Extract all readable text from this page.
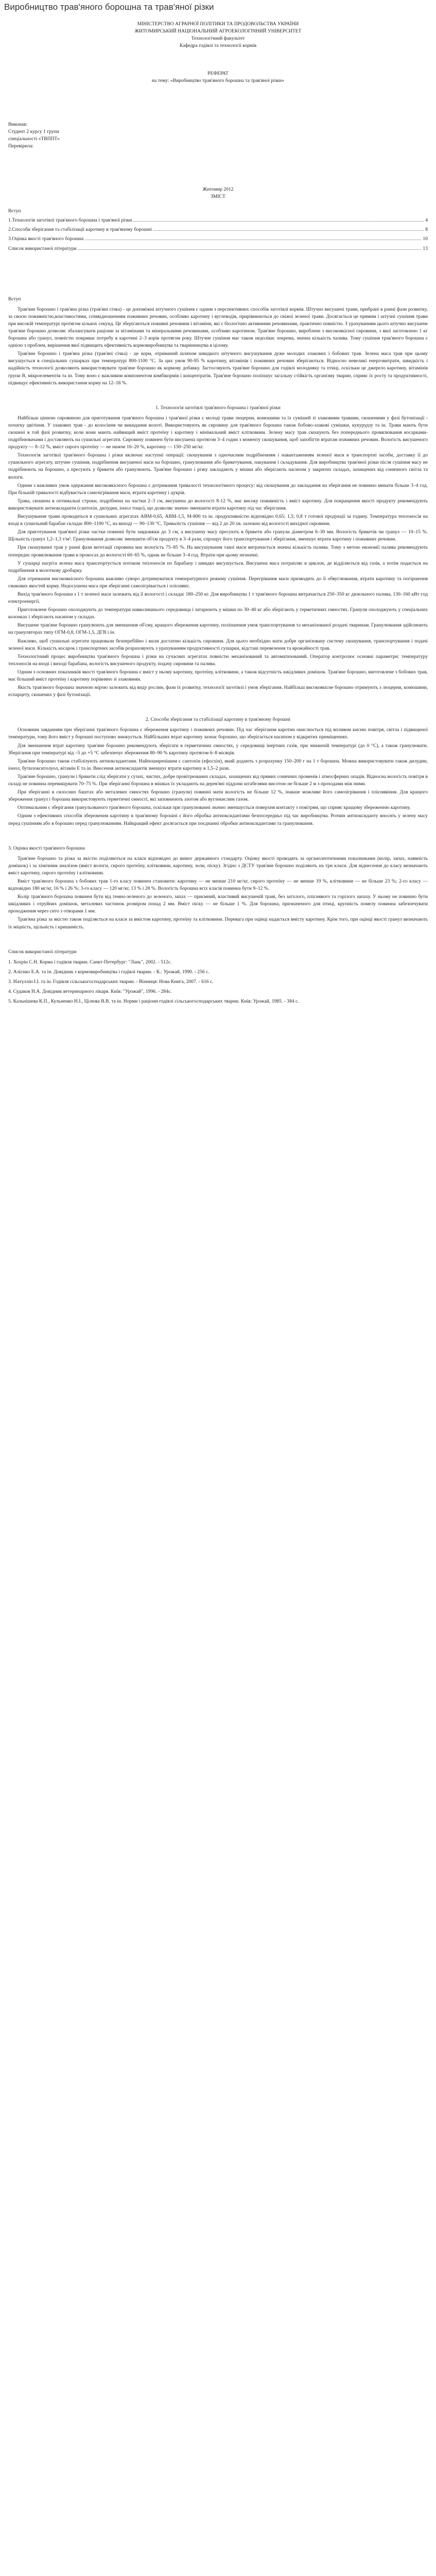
Виробництво трав'яного борошна та трав'яної різки

МІНІСТЕРСТВО АГРАРНОЇ ПОЛІТИКИ ТА ПРОДОВОЛЬСТВА УКРАЇНИ

ЖИТОМИРСЬКИЙ НАЦІОНАЛЬНИЙ АГРОЕКОЛОГІЧНИЙ УНІВЕРСИТЕТ

Технологічний факультет

Кафедра годівлі та технології кормів

РЕФЕРАТ

на тему: «Виробництво трав'яного борошна та трав'яної різки»

Виконав:

Студент 2 курсу 1 групи

спеціальності «ТВППТ»

Перевірила:

Житомир 2012

ЗМІСТ

Вступ
1.Технологія заготівлі трав'яного борошна і трав'яної різки	4
2.Способи зберігання та стабілізації каротину в трав'яному борошні	8
3.Оцінка якості трав'яного борошна	10
Список використаної літератури	13

Вступ

Трав'яне борошно і трав'яна різка (трав'яні січка) - це допоміжні штучного сушіння є одним з перспективних способів заготівлі кормів. Штучно висушені трави, прибрані в ранні фази розвитку, за своєю поживністю,властивостями, співвідношенням поживних речовин, особливо каротину і вуглеводів, прирівнюються до свіжої зеленої трави. Досягається це прямим і штучні сушіння трави при високій температурі протягом кількох секунд. Це зберігаються поживні речовини і вітаміни, які є біологічно активними речовинами, практично повністю. З урахуванням цього штучно висушене трав'яне борошно дозволяє збалансувати раціони за вітамінами та мінеральними речовинами, особливо каротином. Трав'яне борошно, вироблене з високоякісної сировини, з якої заготовлено 1 кг борошна або гранул, повністю покриває потребу в каротині 2–3 корів протягом року. Штучне сушіння має також недоліки: зокрема, значна кількість палива. Тому сушіння трав'яного борошна є однією з проблем, вирішення якої підвищить ефективність кормовиробництва та тваринництва в цілому.

Трав'яне борошно і трав'яна різка (трав'яні січка) - це корм, отриманий шляхом швидкого штучного висушування дуже молодих злакових і бобових трав. Зелена маса трав при цьому висушується в спеціальних сушарках при температурі 800-1100 °С. За цих умов 90-95 % каротину, вітамінів і поживних речовин зберігаються. Відносно невеликі енерговитрати, швидкість і надійність технології дозволяють використовувати трав'яне борошно як кормову добавку. Застосовують трав'яне борошно для годівлі молодняку та птиці, оскільки це джерело каротину, вітамінів групи В, мікроелементів та ін. Тому воно є важливим компонентом комбікормів і концентратів. Трав'яне борошно поліпшує загальну стійкість організму тварин, сприяє їх росту та продуктивності, підвищує ефективність використання корму на 12–18 %.

1. Технологія заготівлі трав'яного борошна і трав'яної різки

Найбільш цінною сировиною для приготування трав'яного борошна і трав'яної різки є молоді трави люцерни, конюшини та їх сумішей зі злаковими травами, скошеними у фазі бутонізації - початку цвітіння. У злакових трав - до колосіння чи викидання волоті. Використовують як сировину для трав'яного борошна також бобово-злакові сумішки, кукурудзу та ін. Трави мають бути скошені в той фазі розвитку, коли вони мають найвищий вміст протеїну і каротину і мінімальний вміст клітковини. Зелену масу трав скошують без попереднього провялювання косарками-подрібнювачами і доставляють на сушильні агрегати. Сировину повинен бути висушена протягом 3–4 годин з моменту скошування, щоб запобігти втратам поживних речовин. Вологість висушеного продукту — 8–12 %, вміст сирого протеїну — не нижче 16–20 %, каротину — 150–250 мг/кг.

Технологія заготівлі трав'яного борошна і різки включає наступні операції: скошування з одночасним подрібненням і навантаженням зеленої маси в транспортні засоби, доставку її до сушильного агрегату, штучне сушіння, подрібнення висушеної маси на борошно, гранулювання або брикетування, пакування і складування. Для виробництва трав'яної різки після сушіння масу не подрібнюють на борошно, а пресують у брикети або гранулюють. Трав'яне борошно і різку закладають у мішки або зберігають насипом у закритих складах, захищених від сонячного світла та вологи.

Одним з важливих умов одержання високоякісного борошна є дотримання тривалості технологічного процесу: від скошування до закладання на зберігання не повинно минати більше 3–4 год. При більшій тривалості відбувається самозігрівання маси, втрати каротину і цукрів.

Трава, скошена в оптимальні строки, подрібнена на частки 2–3 см, висушена до вологості 8-12 %, має високу поживність і вміст каротину. Для покращення якості продукту рекомендують використовувати антиоксиданти (сантохін, дилудин, іонол тощо), що дозволяє значно зменшити втрати каротину під час зберігання.

Висушування трави проводиться в сушильних агрегатах АВМ-0,65, АВМ-1,5, М-800 та ін. продуктивністю відповідно 0,65; 1,5; 0,8 т готової продукції за годину. Температура теплоносія на вході в сушильний барабан складає 800–1100 °С, на виході — 90–130 °С. Тривалість сушіння — від 2 до 20 хв. залежно від вологості вихідної сировини.

Для приготування трав'яної різки частки повинні бути завдовжки до 3 см, а висушену масу пресують в брикети або гранули діаметром 6–30 мм. Вологість брикетів чи гранул — 10–15 %. Щільність гранул 1,2–1,3 т/м³. Гранулювання дозволяє зменшити об'єм продукту в 3–4 рази, спрощує його транспортування і зберігання, зменшує втрати каротину і поживних речовин.

При скошуванні трав у ранні фази вегетації сировина має вологість 75–85 %. На висушування такої маси витрачається значна кількість палива. Тому з метою економії палива рекомендують попереднє провялювання трави в прокосах до вологості 60–65 %, однак не більше 3–4 год. Втрати при цьому незначні.

У сушарці нагріта зелена маса транспортується потоком теплоносія по барабану і швидко висушується. Висушена маса потрапляє в циклон, де відділяється від газів, а потім подається на подрібнення в молоткову дробарку.

Для отримання високоякісного борошна важливо суворо дотримуватися температурного режиму сушіння. Перегрівання маси призводить до її обвуглювання, втрати каротину та погіршення смакових якостей корму. Недосушена маса при зберіганні самозігрівається і пліснявіє.

Вихід трав'яного борошна з 1 т зеленої маси залежить від її вологості і складає 180–250 кг. Для виробництва 1 т трав'яного борошна витрачається 250–350 кг дизельного палива, 130–160 кВт·год електроенергії.

Приготовлене борошно охолоджують до температури навколишнього середовища і затарюють у мішки по 30–40 кг або зберігають у герметичних ємностях. Гранули охолоджують у спеціальних колонках і зберігають насипом у складах.

Висушене трав'яне борошно гранулюють для зменшення об'єму, кращого збереження каротину, поліпшення умов транспортування та механізованої роздачі тваринам. Гранулювання здійснюють на грануляторах типу ОГМ-0,8, ОГМ-1,5, ДГВ і ін.

Важливо, щоб сушильні агрегати працювали безперебійно і мали достатню кількість сировини. Для цього необхідно мати добре організовану систему скошування, транспортування і подачі зеленої маси. Кількість косарок і транспортних засобів розраховують з урахуванням продуктивності сушарки, відстані перевезення та врожайності трав.

Технологічний процес виробництва трав'яного борошна і різки на сучасних агрегатах повністю механізований та автоматизований. Оператор контролює основні параметри: температуру теплоносія на вході і виході барабана, вологість висушеного продукту, подачу сировини та палива.

Одним з основних показників якості трав'яного борошна є вміст у ньому каротину, протеїну, клітковини, а також відсутність шкідливих домішок. Трав'яне борошно, виготовлене з бобових трав, має більший вміст протеїну і каротину порівняно зі злаковими.

Якість трав'яного борошна значною мірою залежить від виду рослин, фази їх розвитку, технології заготівлі і умов зберігання. Найбільш високоякісне борошно отримують з люцерни, конюшини, еспарцету, скошених у фазі бутонізації.

2. Способи зберігання та стабілізації каротину в трав'яному борошні

Основним завданням при зберіганні трав'яного борошна є збереження каротину і поживних речовин. Під час зберігання каротин окислюється під впливом кисню повітря, світла і підвищеної температури, тому його вміст у борошні поступово знижується. Найбільших втрат каротину зазнає борошно, що зберігається насипом у відкритих приміщеннях.

Для зменшення втрат каротину трав'яне борошно рекомендують зберігати в герметичних ємностях, у середовищі інертних газів, при зниженій температурі (до 0 °С), а також гранулювати. Зберігання при температурі від –5 до +5 °С забезпечує збереження 80–90 % каротину протягом 6–8 місяців.

Трав'яне борошно також стабілізують антиоксидантами. Найпоширенішим є сантохін (ефосхін), який додають з розрахунку 150–200 г на 1 т борошна. Можна використовувати також дилудин, іонол, бутилокситолуол, вітамін Е та ін. Внесення антиоксидантів зменшує втрати каротину в 1,5–2 рази.

Трав'яне борошно, гранули і брикети слід зберігати у сухих, чистих, добре провітрюваних складах, захищених від прямих сонячних променів і атмосферних опадів. Відносна вологість повітря в складі не повинна перевищувати 70–75 %. При зберіганні борошна в мішках їх укладають на дерев'яні піддони штабелями висотою не більше 2 м з проходами між ними.

При зберіганні в силосних баштах або металевих ємностях борошно (гранули) повинні мати вологість не більше 12 %, інакше можливе його самозігрівання і пліснявіння. Для кращого збереження гранул і борошна використовують герметичні ємності, які заповнюють азотом або вуглекислим газом.

Оптимальним є зберігання гранульованого трав'яного борошна, оскільки при гранулюванні значно зменшується поверхня контакту з повітрям, що сприяє кращому збереженню каротину.

Одним з ефективних способів збереження каротину в трав'яному борошні є його обробка антиоксидантами безпосередньо під час виробництва. Розчин антиоксиданту вносять у зелену масу перед сушінням або в борошно перед гранулюванням. Найкращий ефект досягається при поєднанні обробки антиоксидантами та гранулювання.

3. Оцінка якості трав'яного борошна

Трав'яне борошно та різка за якістю поділяються на класи відповідно до вимог державного стандарту. Оцінку якості проводять за органолептичними показниками (колір, запах, наявність домішок) і за хімічним аналізом (вміст вологи, сирого протеїну, клітковини, каротину, золи, піску). Згідно з ДСТУ трав'яне борошно поділяють на три класи. Для віднесення до класу визначають вміст каротину, сирого протеїну і клітковини.

Вміст трав'яного борошна з бобових трав 1-го класу повинен становити: каротину — не менше 210 мг/кг, сирого протеїну — не менше 19 %, клітковини — не більше 23 %; 2-го класу — відповідно 180 мг/кг, 16 % і 26 %; 3-го класу — 120 мг/кг, 13 % і 28 %. Вологість борошна всіх класів повинна бути 9–12 %.

Колір трав'яного борошна повинен бути від темно-зеленого до зеленого, запах — приємний, властивий висушеній траві, без затхлого, пліснявого та горілого запаху. У ньому не повинно бути шкідливих і отруйних домішок, металевих частинок розміром понад 2 мм. Вміст піску — не більше 1 %. Для борошна, призначеного для птиці, крупність помелу повинна забезпечувати проходження через сито з отворами 1 мм.

Трав'яна різка за якістю також поділяється на класи за вмістом каротину, протеїну та клітковини. Перевага при оцінці надається вмісту каротину. Крім того, при оцінці якості гранул визначають їх міцність, щільність і кришимість.

Список використаної літератури

1. Хохрін С.Н. Корма і годівля тварин. Санкт-Петербург: "Лань", 2002. - 512с.

2. Алієнко Е.А. та ін. Довідник з кормовиробництва і годівлі тварин. - К.: Урожай, 1990. - 256 с.

3. Ібатуллін І.І. та ін. Годівля сільськогосподарських тварин. - Вінниця: Нова Книга, 2007. - 616 с.

4. Судаков Н.А. Довідник ветеринарного лікаря. Київ: "Урожай", 1996. - 284с.

5. Кальнішева К.П., Кульненко Н.І., Цілюва В.В. та ін. Норми і раціони годівлі сільськогосподарських тварин. Київ: Урожай, 1985. - 384 с.
